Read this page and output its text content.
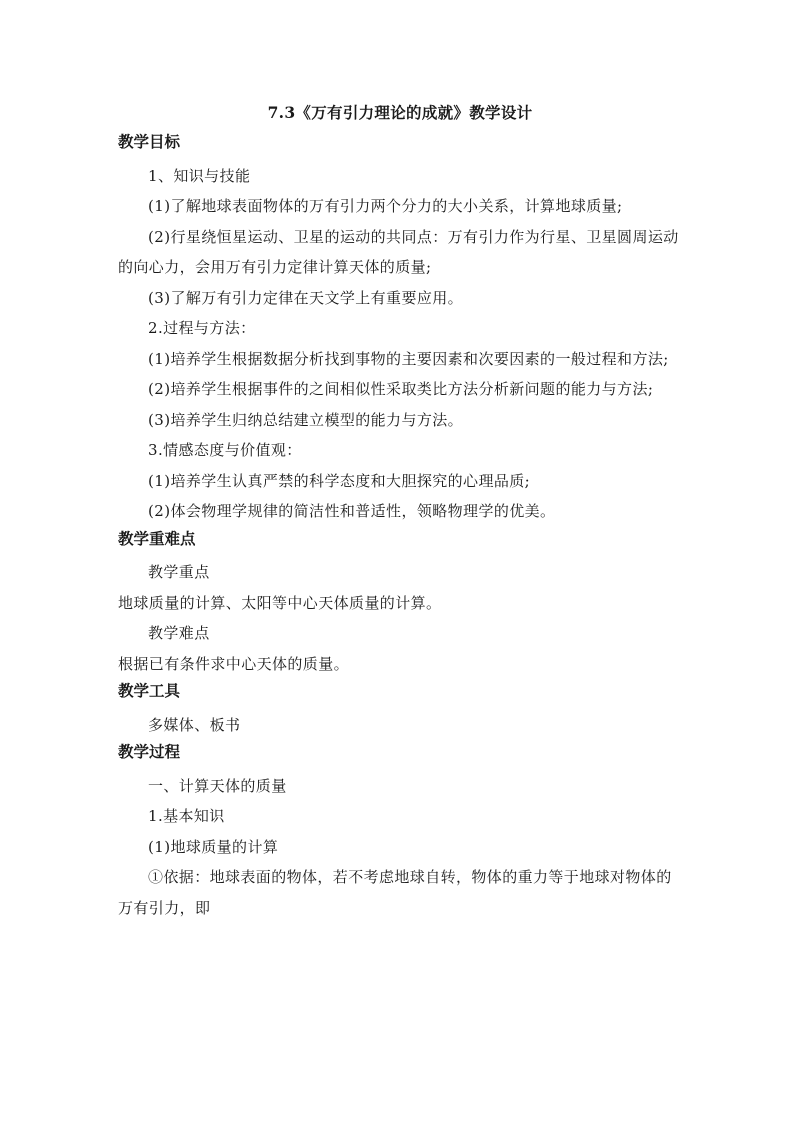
7.3《万有引力理论的成就》教学设计
教学目标
1、知识与技能
(1)了解地球表面物体的万有引力两个分力的大小关系，计算地球质量;
(2)行星绕恒星运动、卫星的运动的共同点：万有引力作为行星、卫星圆周运动的向心力，会用万有引力定律计算天体的质量;
(3)了解万有引力定律在天文学上有重要应用。
2.过程与方法：
(1)培养学生根据数据分析找到事物的主要因素和次要因素的一般过程和方法;
(2)培养学生根据事件的之间相似性采取类比方法分析新问题的能力与方法;
(3)培养学生归纳总结建立模型的能力与方法。
3.情感态度与价值观：
(1)培养学生认真严禁的科学态度和大胆探究的心理品质;
(2)体会物理学规律的简洁性和普适性，领略物理学的优美。
教学重难点
教学重点
地球质量的计算、太阳等中心天体质量的计算。
教学难点
根据已有条件求中心天体的质量。
教学工具
多媒体、板书
教学过程
一、计算天体的质量
1.基本知识
(1)地球质量的计算
①依据：地球表面的物体，若不考虑地球自转，物体的重力等于地球对物体的万有引力，即
